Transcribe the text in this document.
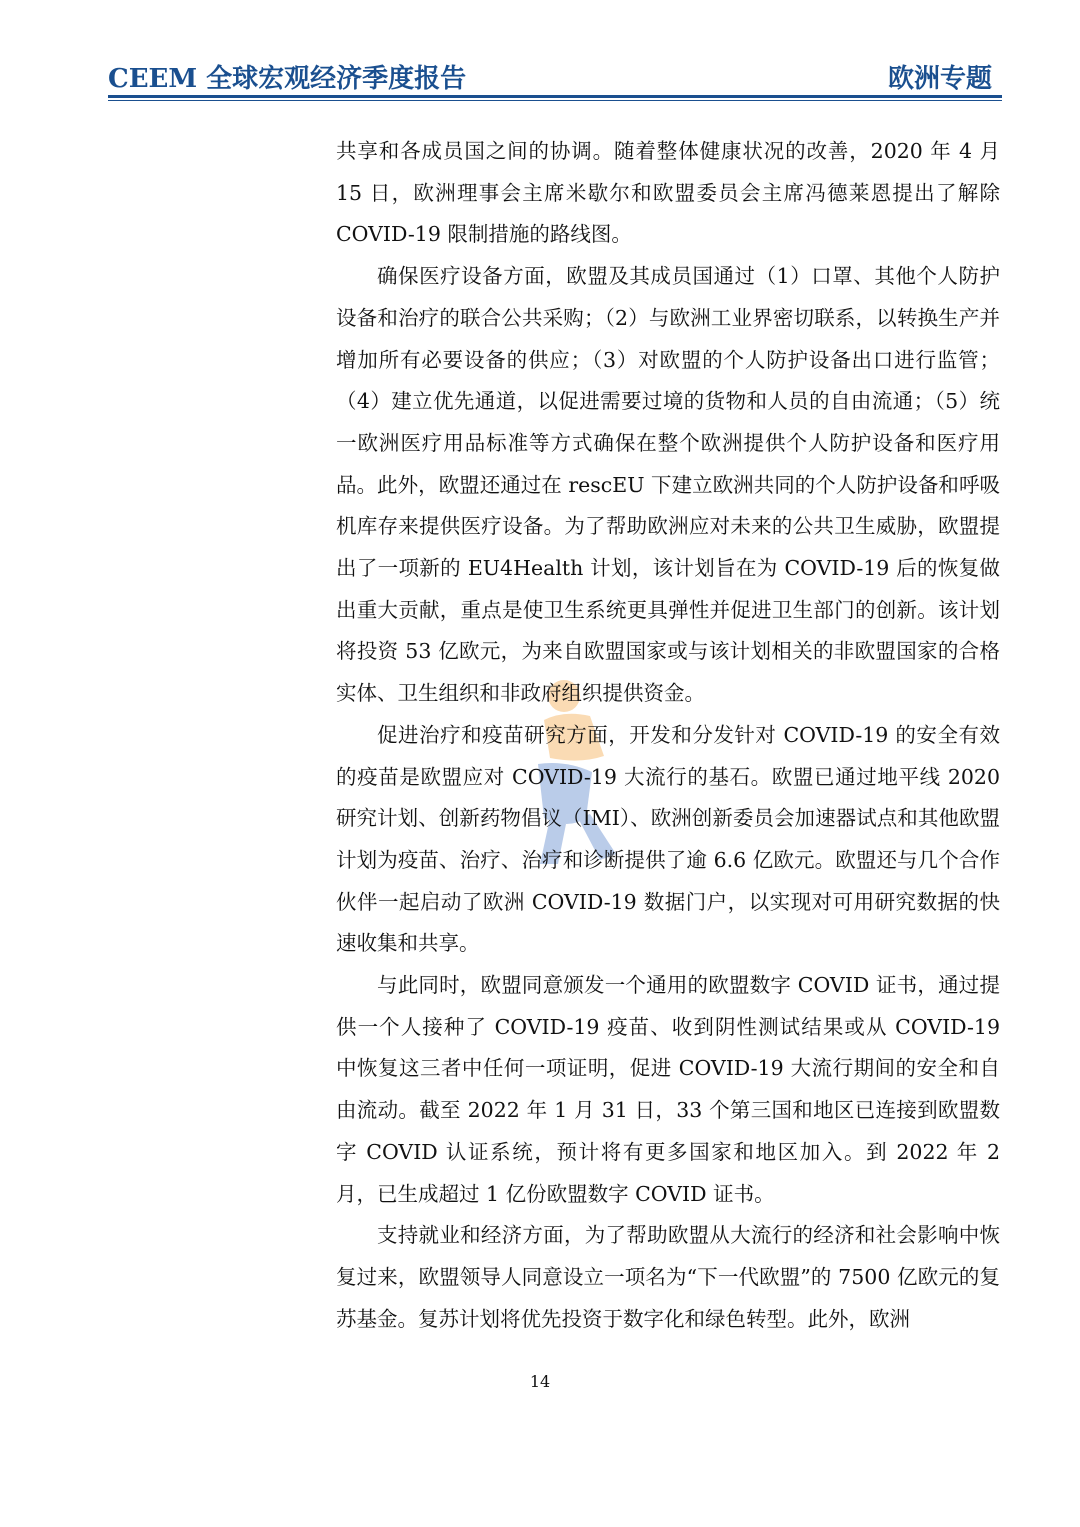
CEEM 全球宏观经济季度报告	欧洲专题

共享和各成员国之间的协调。随着整体健康状况的改善，2020 年 4 月 15 日，欧洲理事会主席米歇尔和欧盟委员会主席冯德莱恩提出了解除 COVID-19 限制措施的路线图。

确保医疗设备方面，欧盟及其成员国通过（1）口罩、其他个人防护设备和治疗的联合公共采购；（2）与欧洲工业界密切联系，以转换生产并增加所有必要设备的供应；（3）对欧盟的个人防护设备出口进行监管；（4）建立优先通道，以促进需要过境的货物和人员的自由流通；（5）统一欧洲医疗用品标准等方式确保在整个欧洲提供个人防护设备和医疗用品。此外，欧盟还通过在 rescEU 下建立欧洲共同的个人防护设备和呼吸机库存来提供医疗设备。为了帮助欧洲应对未来的公共卫生威胁，欧盟提出了一项新的 EU4Health 计划，该计划旨在为 COVID-19 后的恢复做出重大贡献，重点是使卫生系统更具弹性并促进卫生部门的创新。该计划将投资 53 亿欧元，为来自欧盟国家或与该计划相关的非欧盟国家的合格实体、卫生组织和非政府组织提供资金。

促进治疗和疫苗研究方面，开发和分发针对 COVID-19 的安全有效的疫苗是欧盟应对 COVID-19 大流行的基石。欧盟已通过地平线 2020 研究计划、创新药物倡议（IMI）、欧洲创新委员会加速器试点和其他欧盟计划为疫苗、治疗、治疗和诊断提供了逾 6.6 亿欧元。欧盟还与几个合作伙伴一起启动了欧洲 COVID-19 数据门户，以实现对可用研究数据的快速收集和共享。

与此同时，欧盟同意颁发一个通用的欧盟数字 COVID 证书，通过提供一个人接种了 COVID-19 疫苗、收到阴性测试结果或从 COVID-19 中恢复这三者中任何一项证明，促进 COVID-19 大流行期间的安全和自由流动。截至 2022 年 1 月 31 日，33 个第三国和地区已连接到欧盟数字 COVID 认证系统，预计将有更多国家和地区加入。到 2022 年 2 月，已生成超过 1 亿份欧盟数字 COVID 证书。

支持就业和经济方面，为了帮助欧盟从大流行的经济和社会影响中恢复过来，欧盟领导人同意设立一项名为“下一代欧盟”的 7500 亿欧元的复苏基金。复苏计划将优先投资于数字化和绿色转型。此外，欧洲

14
